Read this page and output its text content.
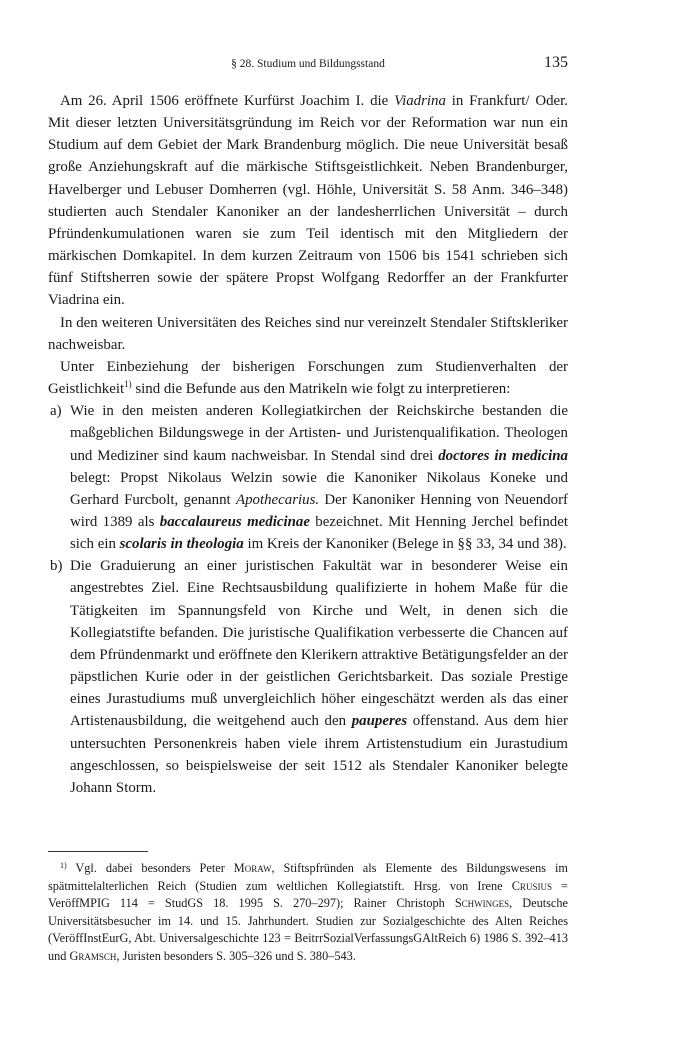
§ 28. Studium und Bildungsstand	135

Am 26. April 1506 eröffnete Kurfürst Joachim I. die Viadrina in Frankfurt/ Oder. Mit dieser letzten Universitätsgründung im Reich vor der Reformation war nun ein Studium auf dem Gebiet der Mark Brandenburg möglich. Die neue Universität besaß große Anziehungskraft auf die märkische Stiftsgeistlichkeit. Neben Brandenburger, Havelberger und Lebuser Domherren (vgl. Höhle, Universität S. 58 Anm. 346–348) studierten auch Stendaler Kanoniker an der landesherrlichen Universität – durch Pfründenkumulationen waren sie zum Teil identisch mit den Mitgliedern der märkischen Domkapitel. In dem kurzen Zeitraum von 1506 bis 1541 schrieben sich fünf Stiftsherren sowie der spätere Propst Wolfgang Redorffer an der Frankfurter Viadrina ein.

In den weiteren Universitäten des Reiches sind nur vereinzelt Stendaler Stiftskleriker nachweisbar.

Unter Einbeziehung der bisherigen Forschungen zum Studienverhalten der Geistlichkeit$^{1)}$ sind die Befunde aus den Matrikeln wie folgt zu interpretieren:

a) Wie in den meisten anderen Kollegiatkirchen der Reichskirche bestanden die maßgeblichen Bildungswege in der Artisten- und Juristenqualifikation. Theologen und Mediziner sind kaum nachweisbar. In Stendal sind drei doctores in medicina belegt: Propst Nikolaus Welzin sowie die Kanoniker Nikolaus Koneke und Gerhard Furcbolt, genannt Apothecarius. Der Kanoniker Henning von Neuendorf wird 1389 als baccalaureus medicinae bezeichnet. Mit Henning Jerchel befindet sich ein scolaris in theologia im Kreis der Kanoniker (Belege in §§ 33, 34 und 38).

b) Die Graduierung an einer juristischen Fakultät war in besonderer Weise ein angestrebtes Ziel. Eine Rechtsausbildung qualifizierte in hohem Maße für die Tätigkeiten im Spannungsfeld von Kirche und Welt, in denen sich die Kollegiatstifte befanden. Die juristische Qualifikation verbesserte die Chancen auf dem Pfründenmarkt und eröffnete den Klerikern attraktive Betätigungsfelder an der päpstlichen Kurie oder in der geistlichen Gerichtsbarkeit. Das soziale Prestige eines Jurastudiums muß unvergleichlich höher eingeschätzt werden als das einer Artistenausbildung, die weitgehend auch den pauperes offenstand. Aus dem hier untersuchten Personenkreis haben viele ihrem Artistenstudium ein Jurastudium angeschlossen, so beispielsweise der seit 1512 als Stendaler Kanoniker belegte Johann Storm.

$^{1)}$ Vgl. dabei besonders Peter Moraw, Stiftspfründen als Elemente des Bildungswesens im spätmittelalterlichen Reich (Studien zum weltlichen Kollegiatstift. Hrsg. von Irene Crusius = VeröffMPIG 114 = StudGS 18. 1995 S. 270–297); Rainer Christoph Schwinges, Deutsche Universitätsbesucher im 14. und 15. Jahrhundert. Studien zur Sozialgeschichte des Alten Reiches (VeröffInstEurG, Abt. Universalgeschichte 123 = BeitrrSozialVerfassungsGAltReich 6) 1986 S. 392–413 und Gramsch, Juristen besonders S. 305–326 und S. 380–543.
